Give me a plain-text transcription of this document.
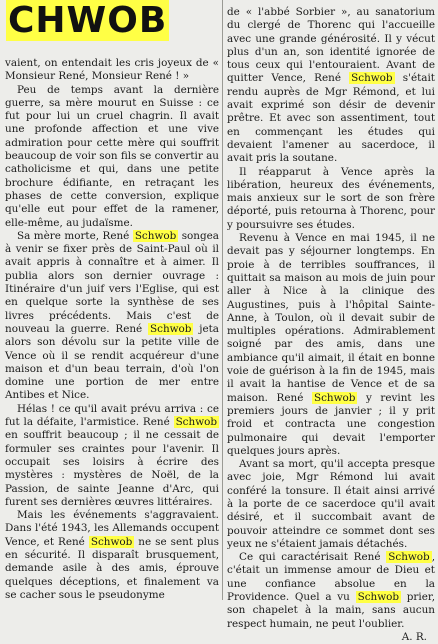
CHWOB

vaient, on entendait les cris joyeux de « Monsieur René, Monsieur René ! »

Peu de temps avant la dernière guerre, sa mère mourut en Suisse : ce fut pour lui un cruel chagrin. Il avait une profonde affection et une vive admiration pour cette mère qui souffrit beaucoup de voir son fils se convertir au catholicisme et qui, dans une petite brochure édifiante, en retraçant les phases de cette conversion, explique qu'elle eut pour effet de la ramener, elle-même, au judaïsme.

Sa mère morte, René Schwob songea à venir se fixer près de Saint-Paul où il avait appris à connaître et à aimer. Il publia alors son dernier ouvrage : Itinéraire d'un juif vers l'Eglise, qui est en quelque sorte la synthèse de ses livres précédents. Mais c'est de nouveau la guerre. René Schwob jeta alors son dévolu sur la petite ville de Vence où il se rendit acquéreur d'une maison et d'un beau terrain, d'où l'on domine une portion de mer entre Antibes et Nice.

Hélas ! ce qu'il avait prévu arriva : ce fut la défaite, l'armistice. René Schwob en souffrit beaucoup ; il ne cessait de formuler ses craintes pour l'avenir. Il occupait ses loisirs à écrire des mystères : mystères de Noël, de la Passion, de sainte Jeanne d'Arc, qui furent ses dernières œuvres littéraires.

Mais les événements s'aggravaient. Dans l'été 1943, les Allemands occupent Vence, et René Schwob ne se sent plus en sécurité. Il disparaît brusquement, demande asile à des amis, éprouve quelques déceptions, et finalement va se cacher sous le pseudonyme

de « l'abbé Sorbier », au sanatorium du clergé de Thorenc qui l'accueille avec une grande générosité. Il y vécut plus d'un an, son identité ignorée de tous ceux qui l'entouraient. Avant de quitter Vence, René Schwob s'était rendu auprès de Mgr Rémond, et lui avait exprimé son désir de devenir prêtre. Et avec son assentiment, tout en commençant les études qui devaient l'amener au sacerdoce, il avait pris la soutane.

Il réapparut à Vence après la libération, heureux des événements, mais anxieux sur le sort de son frère déporté, puis retourna à Thorenc, pour y poursuivre ses études.

Revenu à Vence en mai 1945, il ne devait pas y séjourner longtemps. En proie à de terribles souffrances, il quittait sa maison au mois de juin pour aller à Nice à la clinique des Augustines, puis à l'hôpital Sainte-Anne, à Toulon, où il devait subir de multiples opérations. Admirablement soigné par des amis, dans une ambiance qu'il aimait, il était en bonne voie de guérison à la fin de 1945, mais il avait la hantise de Vence et de sa maison. René Schwob y revint les premiers jours de janvier ; il y prit froid et contracta une congestion pulmonaire qui devait l'emporter quelques jours après.

Avant sa mort, qu'il accepta presque avec joie, Mgr Rémond lui avait conféré la tonsure. Il était ainsi arrivé à la porte de ce sacerdoce qu'il avait désiré, et il succombait avant de pouvoir atteindre ce sommet dont ses yeux ne s'étaient jamais détachés.

Ce qui caractérisait René Schwob , c'était un immense amour de Dieu et une confiance absolue en la Providence. Quel a vu Schwob prier, son chapelet à la main, sans aucun respect humain, ne peut l'oublier.

A. R.
